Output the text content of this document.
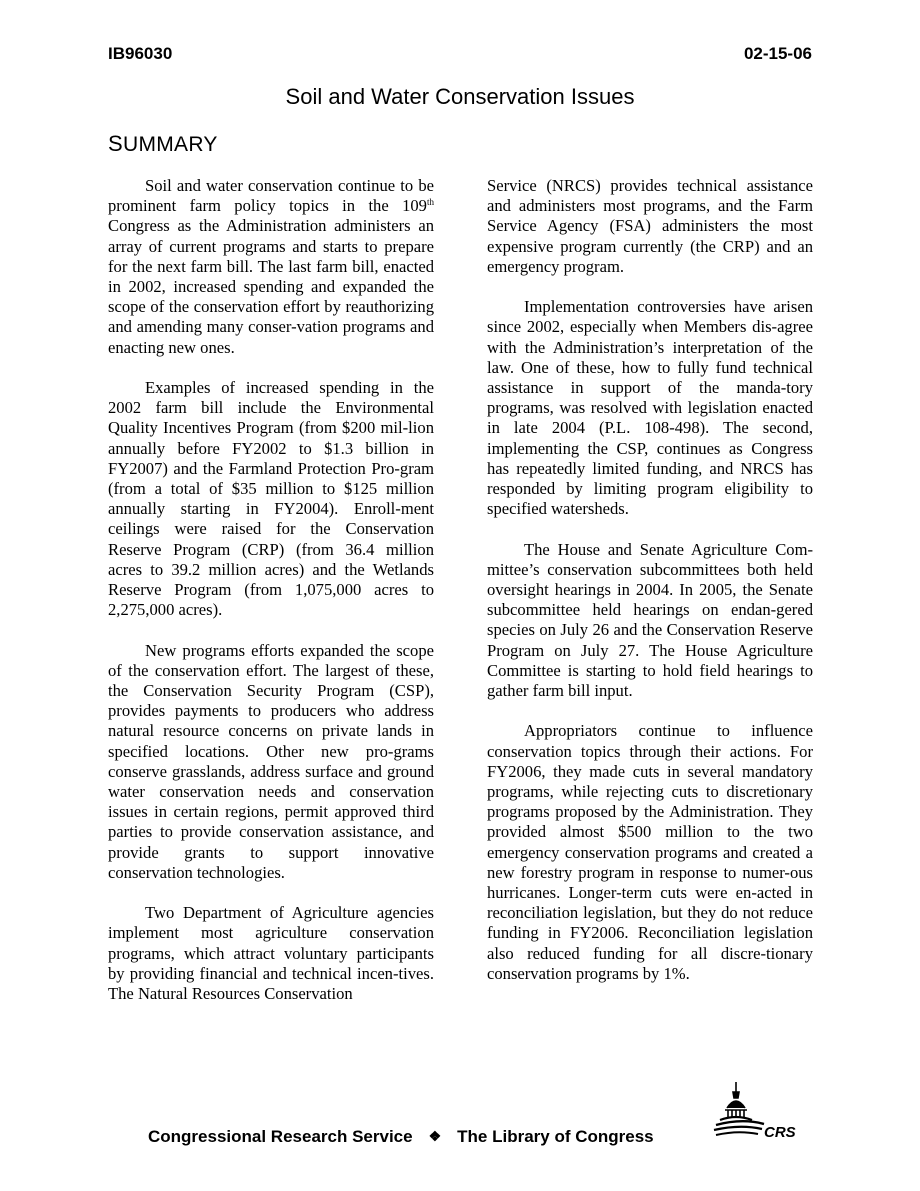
IB96030	02-15-06
Soil and Water Conservation Issues
SUMMARY

Soil and water conservation continue to be prominent farm policy topics in the 109th Congress as the Administration administers an array of current programs and starts to prepare for the next farm bill. The last farm bill, enacted in 2002, increased spending and expanded the scope of the conservation effort by reauthorizing and amending many conser-vation programs and enacting new ones.

Examples of increased spending in the 2002 farm bill include the Environmental Quality Incentives Program (from $200 mil-lion annually before FY2002 to $1.3 billion in FY2007) and the Farmland Protection Pro-gram (from a total of $35 million to $125 million annually starting in FY2004). Enroll-ment ceilings were raised for the Conservation Reserve Program (CRP) (from 36.4 million acres to 39.2 million acres) and the Wetlands Reserve Program (from 1,075,000 acres to 2,275,000 acres).

New programs efforts expanded the scope of the conservation effort. The largest of these, the Conservation Security Program (CSP), provides payments to producers who address natural resource concerns on private lands in specified locations. Other new pro-grams conserve grasslands, address surface and ground water conservation needs and conservation issues in certain regions, permit approved third parties to provide conservation assistance, and provide grants to support innovative conservation technologies.

Two Department of Agriculture agencies implement most agriculture conservation programs, which attract voluntary participants by providing financial and technical incen-tives. The Natural Resources Conservation

Service (NRCS) provides technical assistance and administers most programs, and the Farm Service Agency (FSA) administers the most expensive program currently (the CRP) and an emergency program.

Implementation controversies have arisen since 2002, especially when Members dis-agree with the Administration’s interpretation of the law. One of these, how to fully fund technical assistance in support of the manda-tory programs, was resolved with legislation enacted in late 2004 (P.L. 108-498). The second, implementing the CSP, continues as Congress has repeatedly limited funding, and NRCS has responded by limiting program eligibility to specified watersheds.

The House and Senate Agriculture Com-mittee’s conservation subcommittees both held oversight hearings in 2004. In 2005, the Senate subcommittee held hearings on endan-gered species on July 26 and the Conservation Reserve Program on July 27. The House Agriculture Committee is starting to hold field hearings to gather farm bill input.

Appropriators continue to influence conservation topics through their actions. For FY2006, they made cuts in several mandatory programs, while rejecting cuts to discretionary programs proposed by the Administration. They provided almost $500 million to the two emergency conservation programs and created a new forestry program in response to numer-ous hurricanes. Longer-term cuts were en-acted in reconciliation legislation, but they do not reduce funding in FY2006. Reconciliation legislation also reduced funding for all discre-tionary conservation programs by 1%.

Congressional Research Service ❖ The Library of Congress	CRS
